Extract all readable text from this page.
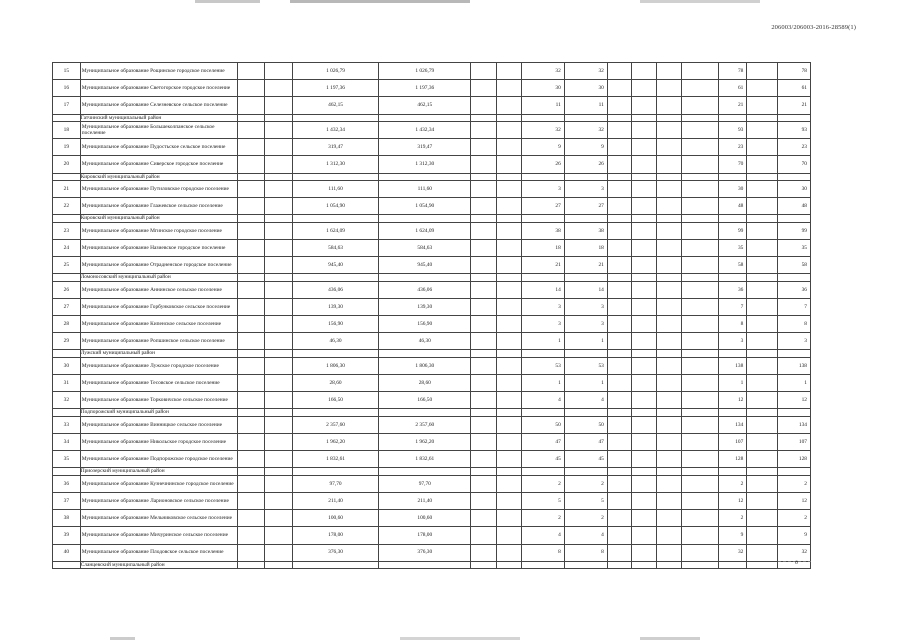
206003/206003-2016-28589(1)
15	Муниципальное образование Рощинское городское поселение			1 026,79	1 026,79			32	32					78		78
16	Муниципальное образование Светогорское городское поселение			1 197,36	1 197,36			30	30					61		61
17	Муниципальное образование Селезневское сельское поселение			462,15	462,15			11	11					21		21
	Гатчинский муниципальный район															
18	Муниципальное образование Большеколпанское сельское поселение			1 432,34	1 432,34			32	32					93		93
19	Муниципальное образование Пудостьское сельское поселение			319,47	319,47			9	9					23		23
20	Муниципальное образование Сиверское городское поселение			1 312,30	1 312,30			26	26					70		70
	Кировский муниципальный район															
21	Муниципальное образование Путиловское городское поселение			111,60	111,60			3	3					30		30
22	Муниципальное образование Глажевское сельское поселение			1 054,90	1 054,90			27	27					48		48
	Кировский муниципальный район															
23	Муниципальное образование Мгинское городское поселение			1 624,09	1 624,09			38	38					99		99
24	Муниципальное образование Назиевское городское поселение			584,63	584,63			18	18					35		35
25	Муниципальное образование Отрадненское городское поселение			945,40	945,40			21	21					58		58
	Ломоносовский муниципальный район															
26	Муниципальное образование Аннинское сельское поселение			436,06	436,06			14	14					36		36
27	Муниципальное образование Горбунковское сельское поселение			139,30	139,30			3	3					7		7
28	Муниципальное образование Кипенское сельское поселение			156,90	156,90			3	3					8		8
29	Муниципальное образование Ропшинское сельское поселение			46,30	46,30			1	1					3		3
	Лужский муниципальный район															
30	Муниципальное образование Лужское городское поселение			1 806,30	1 806,30			53	53					138		138
31	Муниципальное образование Тесовское сельское поселение			28,60	28,60			1	1					1		1
32	Муниципальное образование Торковичское сельское поселение			166,50	166,50			4	4					12		12
	Подпорожский муниципальный район															
33	Муниципальное образование Винницкое сельское поселение			2 357,60	2 357,60			50	50					134		134
34	Муниципальное образование Никольское городское поселение			1 962,20	1 962,20			47	47					107		107
35	Муниципальное образование Подпорожское городское поселение			1 832,61	1 832,61			45	45					128		128
	Приозерский муниципальный район															
36	Муниципальное образование Кузнечнинское городское поселение			97,70	97,70			2	2					2		2
37	Муниципальное образование Ларионовское сельское поселение			211,40	211,40			5	5					12		12
38	Муниципальное образование Мельниковское сельское поселение			100,60	100,60			2	2					2		2
39	Муниципальное образование Мичуринское сельское поселение			178,00	178,00			4	4					9		9
40	Муниципальное образование Плодовское сельское поселение			376,30	376,30			8	8					32		32
	Сланцевский муниципальный район																6
